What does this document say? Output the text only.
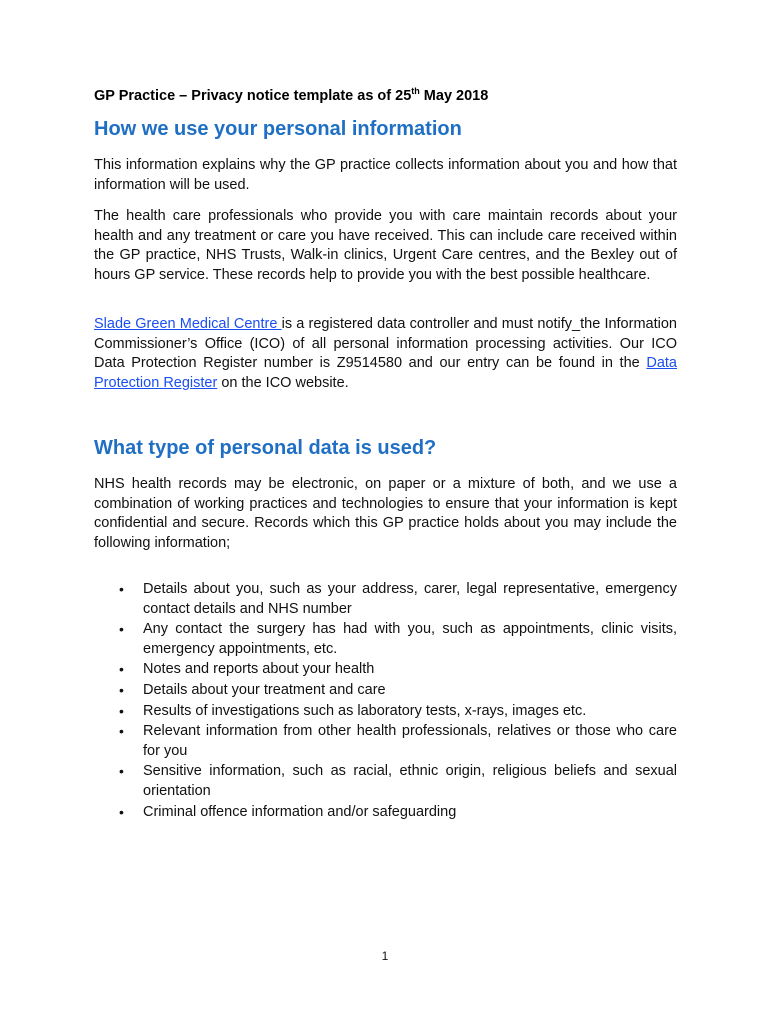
GP Practice – Privacy notice template as of 25th May 2018
How we use your personal information

This information explains why the GP practice collects information about you and how that information will be used.

The health care professionals who provide you with care maintain records about your health and any treatment or care you have received. This can include care received within the GP practice, NHS Trusts, Walk-in clinics, Urgent Care centres, and the Bexley out of hours GP service. These records help to provide you with the best possible healthcare.

Slade Green Medical Centre is a registered data controller and must notify_the Information Commissioner’s Office (ICO) of all personal information processing activities. Our ICO Data Protection Register number is Z9514580 and our entry can be found in the Data Protection Register on the ICO website.

What type of personal data is used?

NHS health records may be electronic, on paper or a mixture of both, and we use a combination of working practices and technologies to ensure that your information is kept confidential and secure. Records which this GP practice holds about you may include the following information;

• Details about you, such as your address, carer, legal representative, emergency contact details and NHS number
• Any contact the surgery has had with you, such as appointments, clinic visits, emergency appointments, etc.
• Notes and reports about your health
• Details about your treatment and care
• Results of investigations such as laboratory tests, x-rays, images etc.
• Relevant information from other health professionals, relatives or those who care for you
• Sensitive information, such as racial, ethnic origin, religious beliefs and sexual orientation
• Criminal offence information and/or safeguarding
1
